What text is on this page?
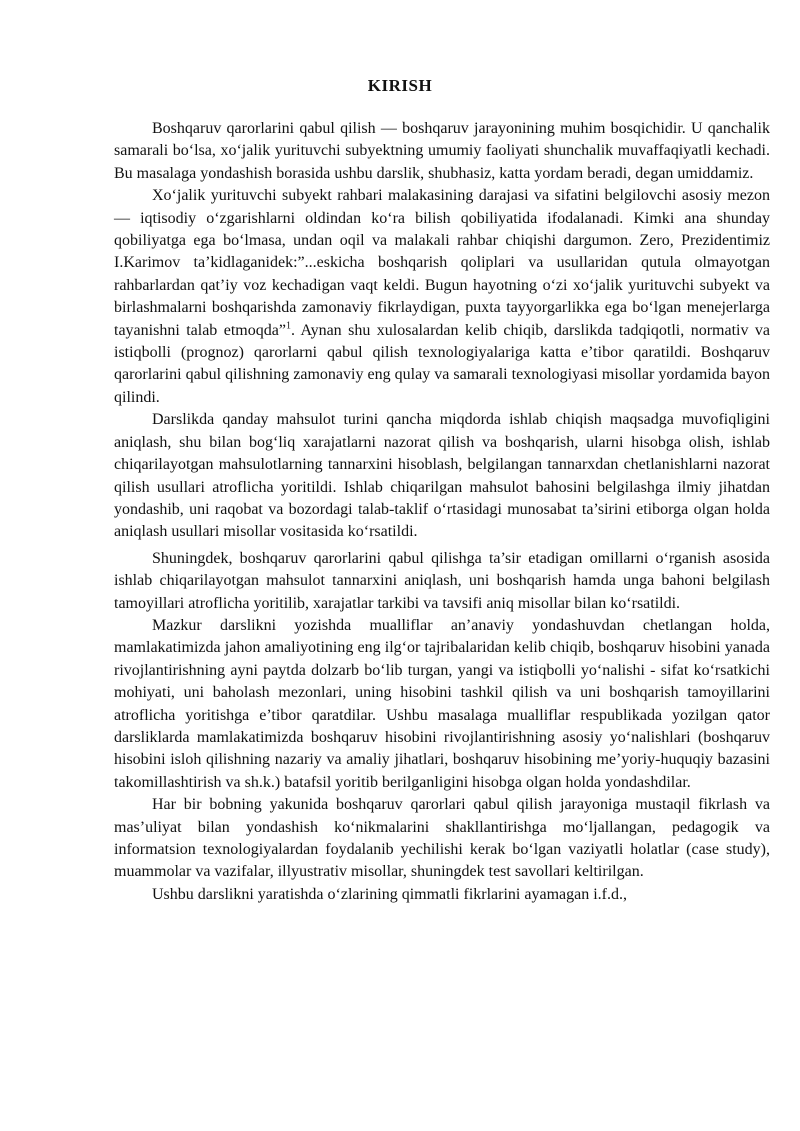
KIRISH

Boshqaruv qarorlarini qabul qilish — boshqaruv jarayonining muhim bosqichidir. U qanchalik samarali bo‘lsa, xo‘jalik yurituvchi subyektning umumiy faoliyati shunchalik muvaffaqiyatli kechadi. Bu masalaga yondashish borasida ushbu darslik, shubhasiz, katta yordam beradi, degan umiddamiz.

Xo‘jalik yurituvchi subyekt rahbari malakasining darajasi va sifatini belgilovchi asosiy mezon — iqtisodiy o‘zgarishlarni oldindan ko‘ra bilish qobiliyatida ifodalanadi. Kimki ana shunday qobiliyatga ega bo‘lmasa, undan oqil va malakali rahbar chiqishi dargumon. Zero, Prezidentimiz I.Karimov ta’kidlaganidek:”...eskicha boshqarish qoliplari va usullaridan qutula olmayotgan rahbarlardan qat’iy voz kechadigan vaqt keldi. Bugun hayotning o‘zi xo‘jalik yurituvchi subyekt va birlashmalarni boshqarishda zamonaviy fikrlaydigan, puxta tayyorgarlikka ega bo‘lgan menejerlarga tayanishni talab etmoqda”$^1$. Aynan shu xulosalardan kelib chiqib, darslikda tadqiqotli, normativ va istiqbolli (prognoz) qarorlarni qabul qilish texnologiyalariga katta e’tibor qaratildi. Boshqaruv qarorlarini qabul qilishning zamonaviy eng qulay va samarali texnologiyasi misollar yordamida bayon qilindi.

Darslikda qanday mahsulot turini qancha miqdorda ishlab chiqish maqsadga muvofiqligini aniqlash, shu bilan bog‘liq xarajatlarni nazorat qilish va boshqarish, ularni hisobga olish, ishlab chiqarilayotgan mahsulotlarning tannarxini hisoblash, belgilangan tannarxdan chetlanishlarni nazorat qilish usullari atroflicha yoritildi. Ishlab chiqarilgan mahsulot bahosini belgilashga ilmiy jihatdan yondashib, uni raqobat va bozordagi talab-taklif o‘rtasidagi munosabat ta’sirini etiborga olgan holda aniqlash usullari misollar vositasida ko‘rsatildi.

Shuningdek, boshqaruv qarorlarini qabul qilishga ta’sir etadigan omillarni o‘rganish asosida ishlab chiqarilayotgan mahsulot tannarxini aniqlash, uni boshqarish hamda unga bahoni belgilash tamoyillari atroflicha yoritilib, xarajatlar tarkibi va tavsifi aniq misollar bilan ko‘rsatildi.

Mazkur darslikni yozishda mualliflar an’anaviy yondashuvdan chetlangan holda, mamlakatimizda jahon amaliyotining eng ilg‘or tajribalaridan kelib chiqib, boshqaruv hisobini yanada rivojlantirishning ayni paytda dolzarb bo‘lib turgan, yangi va istiqbolli yo‘nalishi - sifat ko‘rsatkichi mohiyati, uni baholash mezonlari, uning hisobini tashkil qilish va uni boshqarish tamoyillarini atroflicha yoritishga e’tibor qaratdilar. Ushbu masalaga mualliflar respublikada yozilgan qator darsliklarda mamlakatimizda boshqaruv hisobini rivojlantirishning asosiy yo‘nalishlari (boshqaruv hisobini isloh qilishning nazariy va amaliy jihatlari, boshqaruv hisobining me’yoriy-huquqiy bazasini takomillashtirish va sh.k.) batafsil yoritib berilganligini hisobga olgan holda yondashdilar.

Har bir bobning yakunida boshqaruv qarorlari qabul qilish jarayoniga mustaqil fikrlash va mas’uliyat bilan yondashish ko‘nikmalarini shakllantirishga mo‘ljallangan, pedagogik va informatsion texnologiyalardan foydalanib yechilishi kerak bo‘lgan vaziyatli holatlar (case study), muammolar va vazifalar, illyustrativ misollar, shuningdek test savollari keltirilgan.

Ushbu darslikni yaratishda o‘zlarining qimmatli fikrlarini ayamagan i.f.d.,
